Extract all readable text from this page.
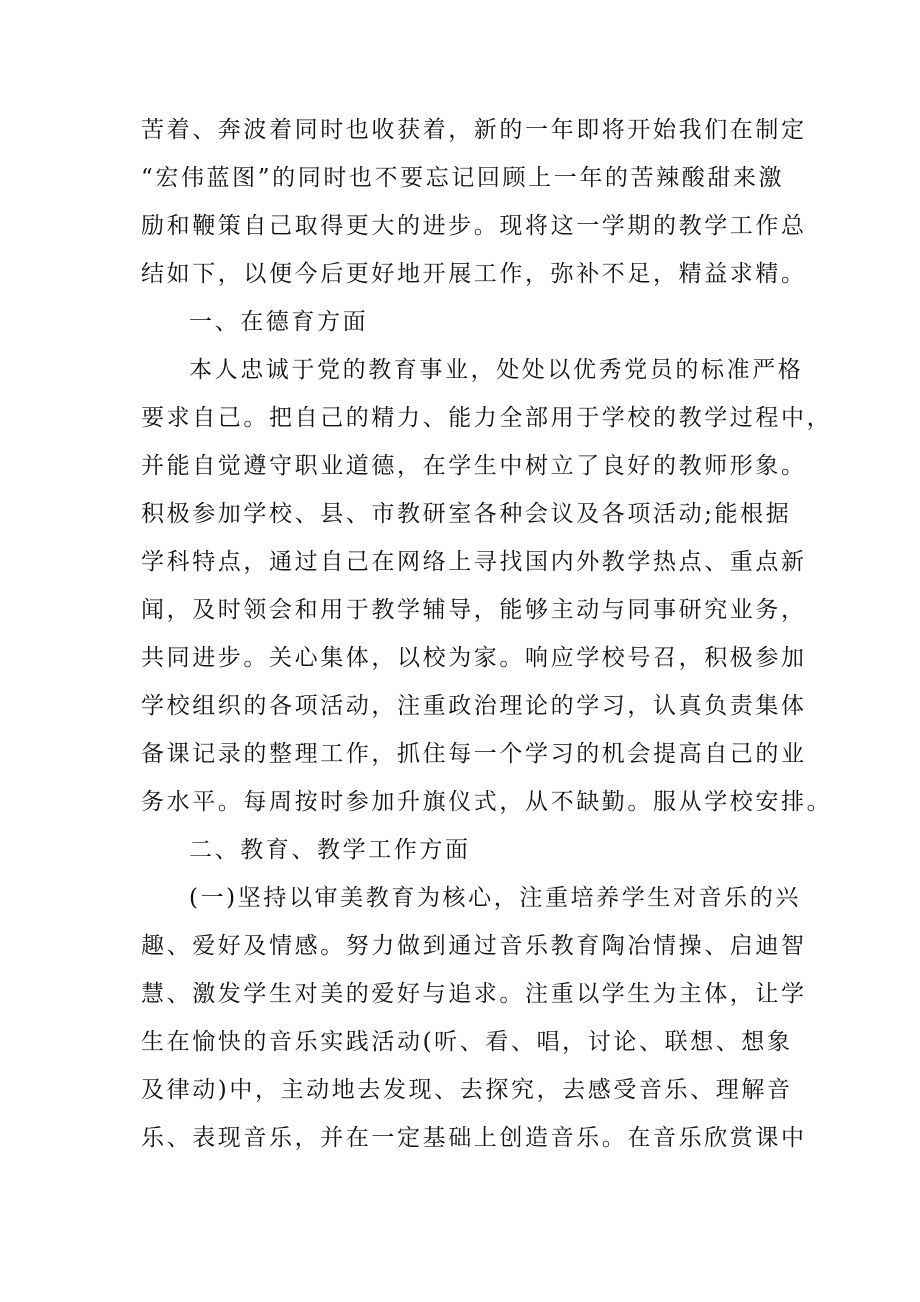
苦着、奔波着同时也收获着，新的一年即将开始我们在制定
“宏伟蓝图”的同时也不要忘记回顾上一年的苦辣酸甜来激
励和鞭策自己取得更大的进步。现将这一学期的教学工作总
结如下，以便今后更好地开展工作，弥补不足，精益求精。
一、在德育方面
本人忠诚于党的教育事业，处处以优秀党员的标准严格
要求自己。把自己的精力、能力全部用于学校的教学过程中，
并能自觉遵守职业道德，在学生中树立了良好的教师形象。
积极参加学校、县、市教研室各种会议及各项活动;能根据
学科特点，通过自己在网络上寻找国内外教学热点、重点新
闻，及时领会和用于教学辅导，能够主动与同事研究业务，
共同进步。关心集体，以校为家。响应学校号召，积极参加
学校组织的各项活动，注重政治理论的学习，认真负责集体
备课记录的整理工作，抓住每一个学习的机会提高自己的业
务水平。每周按时参加升旗仪式，从不缺勤。服从学校安排。
二、教育、教学工作方面
(一)坚持以审美教育为核心，注重培养学生对音乐的兴
趣、爱好及情感。努力做到通过音乐教育陶冶情操、启迪智
慧、激发学生对美的爱好与追求。注重以学生为主体，让学
生在愉快的音乐实践活动(听、看、唱，讨论、联想、想象
及律动)中，主动地去发现、去探究，去感受音乐、理解音
乐、表现音乐，并在一定基础上创造音乐。在音乐欣赏课中
